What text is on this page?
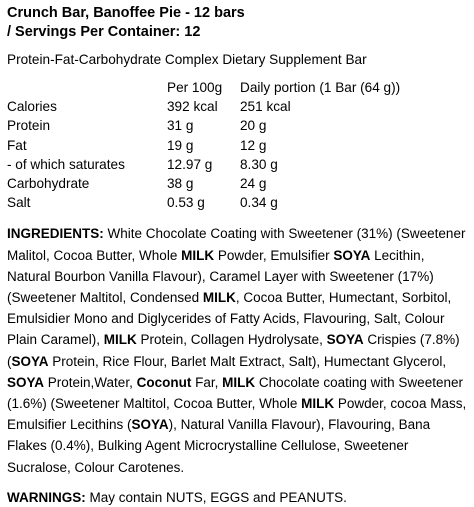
Crunch Bar, Banoffee Pie - 12 bars
/ Servings Per Container: 12
Protein-Fat-Carbohydrate Complex Dietary Supplement Bar
	Per 100g	Daily portion (1 Bar (64 g))
Calories	392 kcal	251 kcal
Protein	31 g	20 g
Fat	19 g	12 g
- of which saturates	12.97 g	8.30 g
Carbohydrate	38 g	24 g
Salt	0.53 g	0.34 g
INGREDIENTS: White Chocolate Coating with Sweetener (31%) (Sweetener Malitol, Cocoa Butter, Whole MILK Powder, Emulsifier SOYA Lecithin, Natural Bourbon Vanilla Flavour), Caramel Layer with Sweetener (17%) (Sweetener Maltitol, Condensed MILK, Cocoa Butter, Humectant, Sorbitol, Emulsidier Mono and Diglycerides of Fatty Acids, Flavouring, Salt, Colour Plain Caramel), MILK Protein, Collagen Hydrolysate, SOYA Crispies (7.8%) (SOYA Protein, Rice Flour, Barlet Malt Extract, Salt), Humectant Glycerol, SOYA Protein,Water, Coconut Far, MILK Chocolate coating with Sweetener (1.6%) (Sweetener Maltitol, Cocoa Butter, Whole MILK Powder, cocoa Mass, Emulsifier Lecithins (SOYA), Natural Vanilla Flavour), Flavouring, Bana Flakes (0.4%), Bulking Agent Microcrystalline Cellulose, Sweetener Sucralose, Colour Carotenes.
WARNINGS: May contain NUTS, EGGS and PEANUTS.
